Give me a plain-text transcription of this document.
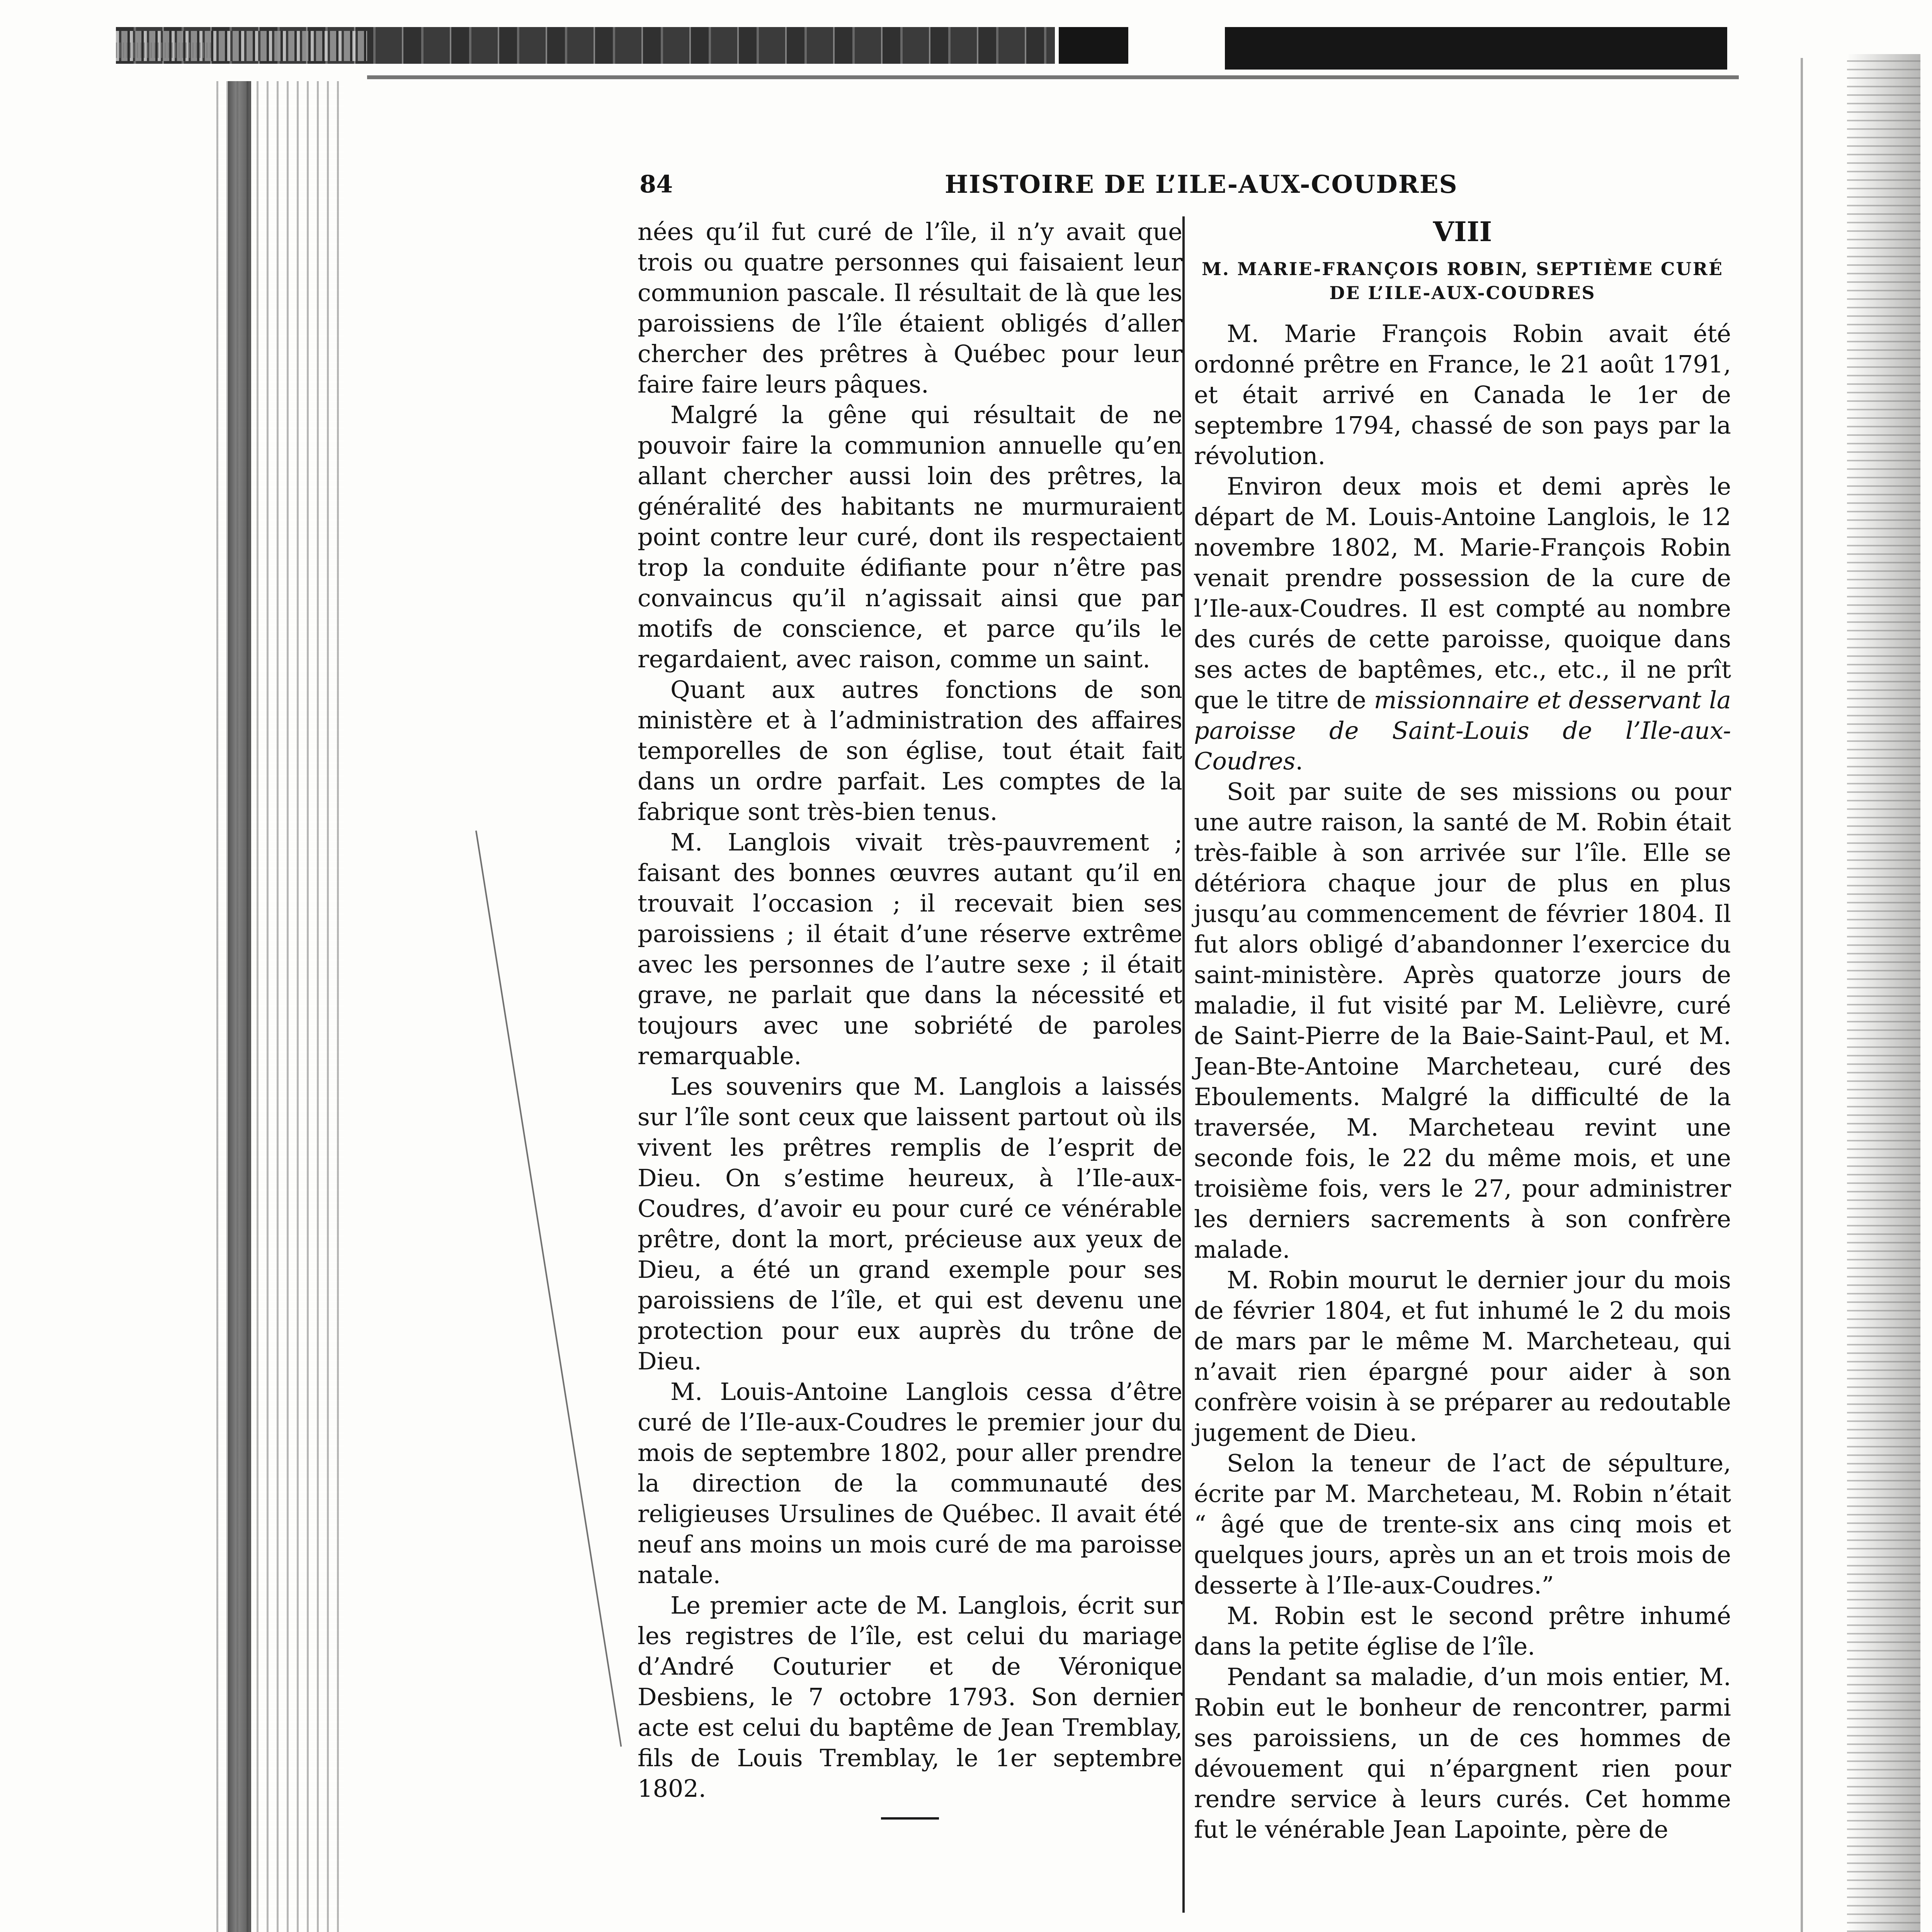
84	HISTOIRE DE L’ILE-AUX-COUDRES

nées qu’il fut curé de l’île, il n’y avait que trois ou quatre personnes qui faisaient leur communion pascale. Il résultait de là que les paroissiens de l’île étaient obligés d’aller chercher des prêtres à Québec pour leur faire faire leurs pâques.

Malgré la gêne qui résultait de ne pouvoir faire la communion annuelle qu’en allant chercher aussi loin des prêtres, la généralité des habitants ne murmuraient point contre leur curé, dont ils respectaient trop la conduite édifiante pour n’être pas convaincus qu’il n’agissait ainsi que par motifs de conscience, et parce qu’ils le regardaient, avec raison, comme un saint.

Quant aux autres fonctions de son ministère et à l’administration des affaires temporelles de son église, tout était fait dans un ordre parfait. Les comptes de la fabrique sont très-bien tenus.

M. Langlois vivait très-pauvrement ; faisant des bonnes œuvres autant qu’il en trouvait l’occasion ; il recevait bien ses paroissiens ; il était d’une réserve extrême avec les personnes de l’autre sexe ; il était grave, ne parlait que dans la nécessité et toujours avec une sobriété de paroles remarquable.

Les souvenirs que M. Langlois a laissés sur l’île sont ceux que laissent partout où ils vivent les prêtres remplis de l’esprit de Dieu. On s’estime heureux, à l’Ile-aux-Coudres, d’avoir eu pour curé ce vénérable prêtre, dont la mort, précieuse aux yeux de Dieu, a été un grand exemple pour ses paroissiens de l’île, et qui est devenu une protection pour eux auprès du trône de Dieu.

M. Louis-Antoine Langlois cessa d’être curé de l’Ile-aux-Coudres le premier jour du mois de septembre 1802, pour aller prendre la direction de la communauté des religieuses Ursulines de Québec. Il avait été neuf ans moins un mois curé de ma paroisse natale.

Le premier acte de M. Langlois, écrit sur les registres de l’île, est celui du mariage d’André Couturier et de Véronique Desbiens, le 7 octobre 1793. Son dernier acte est celui du baptême de Jean Tremblay, fils de Louis Tremblay, le 1er septembre 1802.

VIII
M. MARIE-FRANÇOIS ROBIN, SEPTIÈME CURÉ
DE L’ILE-AUX-COUDRES

M. Marie François Robin avait été ordonné prêtre en France, le 21 août 1791, et était arrivé en Canada le 1er de septembre 1794, chassé de son pays par la révolution.

Environ deux mois et demi après le départ de M. Louis-Antoine Langlois, le 12 novembre 1802, M. Marie-François Robin venait prendre possession de la cure de l’Ile-aux-Coudres. Il est compté au nombre des curés de cette paroisse, quoique dans ses actes de baptêmes, etc., etc., il ne prît que le titre de missionnaire et desservant la paroisse de Saint-Louis de l’Ile-aux-Coudres.

Soit par suite de ses missions ou pour une autre raison, la santé de M. Robin était très-faible à son arrivée sur l’île. Elle se détériora chaque jour de plus en plus jusqu’au commencement de février 1804. Il fut alors obligé d’abandonner l’exercice du saint-ministère. Après quatorze jours de maladie, il fut visité par M. Lelièvre, curé de Saint-Pierre de la Baie-Saint-Paul, et M. Jean-Bte-Antoine Marcheteau, curé des Eboulements. Malgré la difficulté de la traversée, M. Marcheteau revint une seconde fois, le 22 du même mois, et une troisième fois, vers le 27, pour administrer les derniers sacrements à son confrère malade.

M. Robin mourut le dernier jour du mois de février 1804, et fut inhumé le 2 du mois de mars par le même M. Marcheteau, qui n’avait rien épargné pour aider à son confrère voisin à se préparer au redoutable jugement de Dieu.

Selon la teneur de l’act de sépulture, écrite par M. Marcheteau, M. Robin n’était “ âgé que de trente-six ans cinq mois et quelques jours, après un an et trois mois de desserte à l’Ile-aux-Coudres.”

M. Robin est le second prêtre inhumé dans la petite église de l’île.

Pendant sa maladie, d’un mois entier, M. Robin eut le bonheur de rencontrer, parmi ses paroissiens, un de ces hommes de dévouement qui n’épargnent rien pour rendre service à leurs curés. Cet homme fut le vénérable Jean Lapointe, père de
